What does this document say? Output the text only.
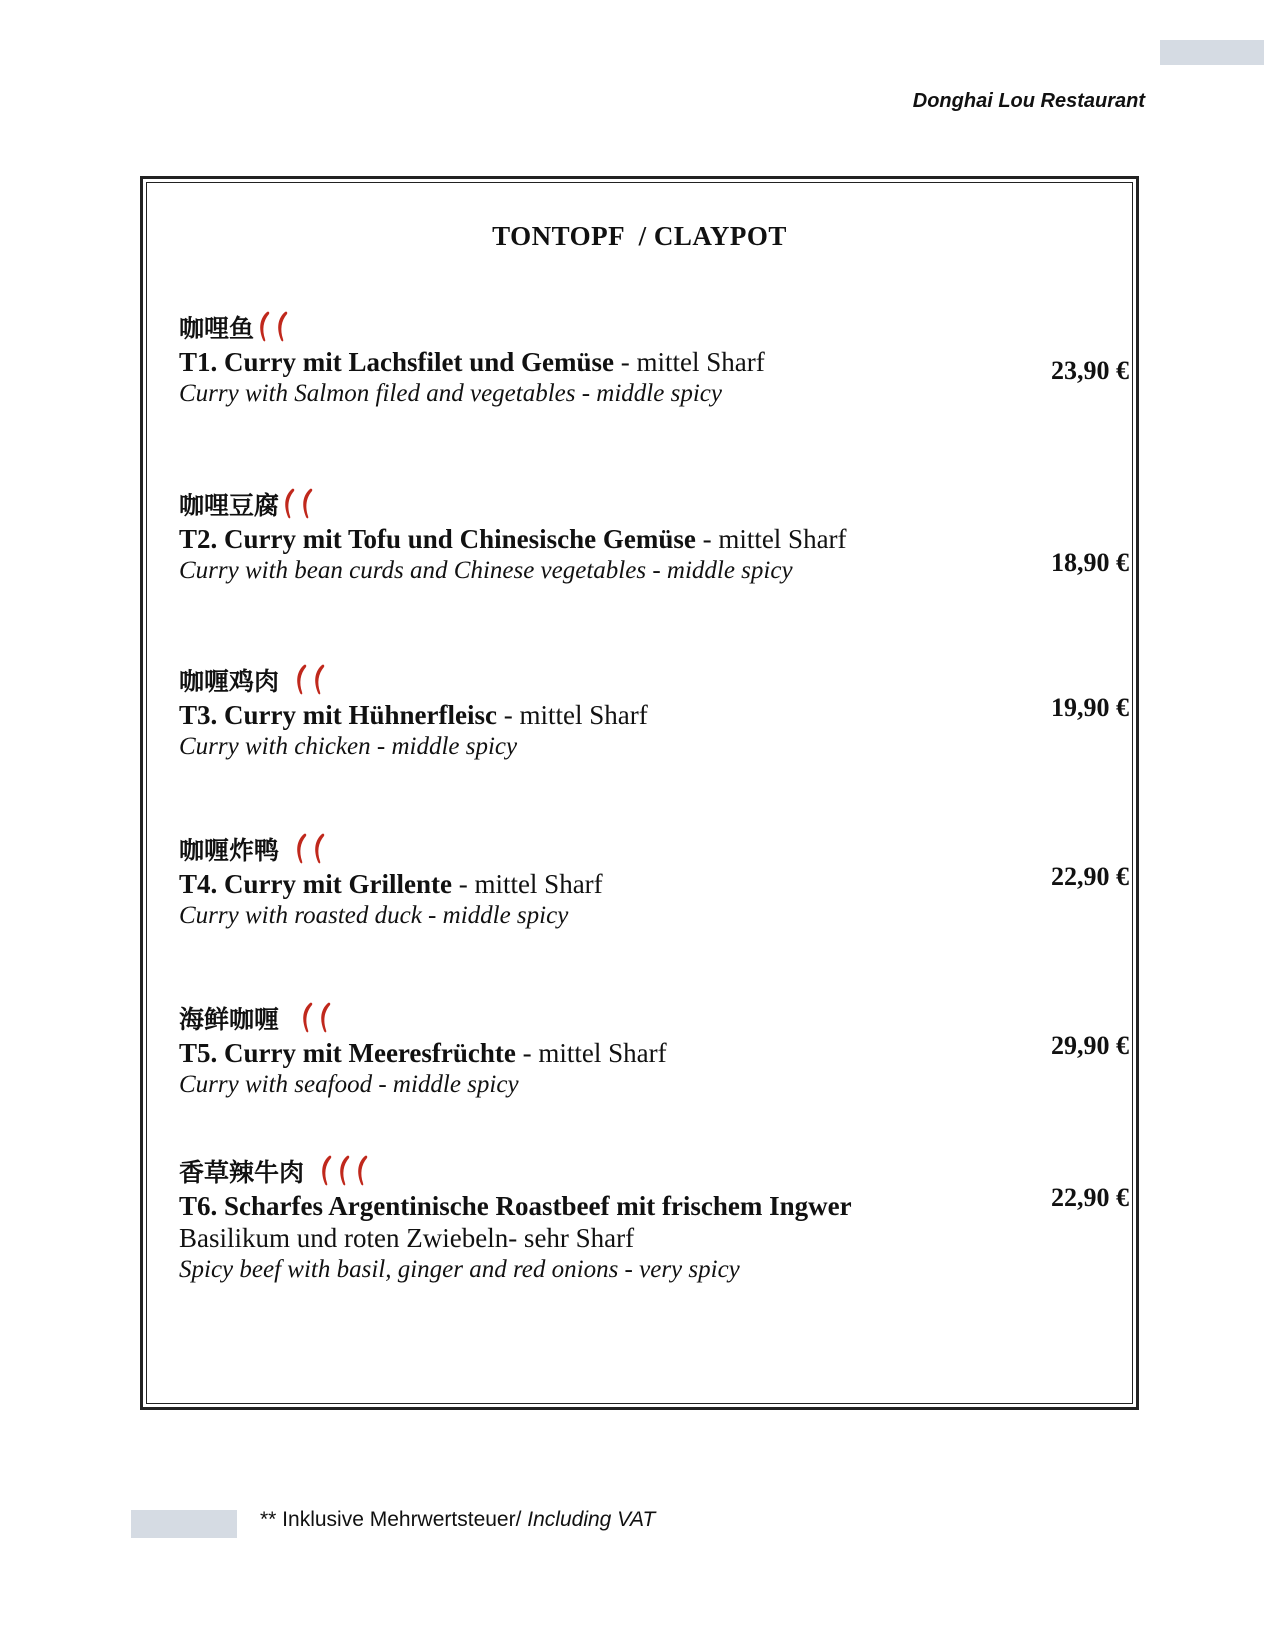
Donghai Lou Restaurant
TONTOPF  / CLAYPOT
咖哩鱼
T1. Curry mit Lachsfilet und Gemüse - mittel Sharf
Curry with Salmon filed and vegetables - middle spicy
23,90 €
咖哩豆腐
T2. Curry mit Tofu und Chinesische Gemüse - mittel Sharf
Curry with bean curds and Chinese vegetables - middle spicy	18,90 €
咖喱鸡肉
T3. Curry mit Hühnerfleisc - mittel Sharf
Curry with chicken - middle spicy
19,90 €
咖喱炸鸭
T4. Curry mit Grillente - mittel Sharf
Curry with roasted duck - middle spicy
22,90 €
海鲜咖喱
T5. Curry mit Meeresfrüchte - mittel Sharf
Curry with seafood - middle spicy
29,90 €
香草辣牛肉
T6. Scharfes Argentinische Roastbeef mit frischem Ingwer
Basilikum und roten Zwiebeln- sehr Sharf
Spicy beef with basil, ginger and red onions - very spicy
22,90 €
** Inklusive Mehrwertsteuer/ Including VAT
